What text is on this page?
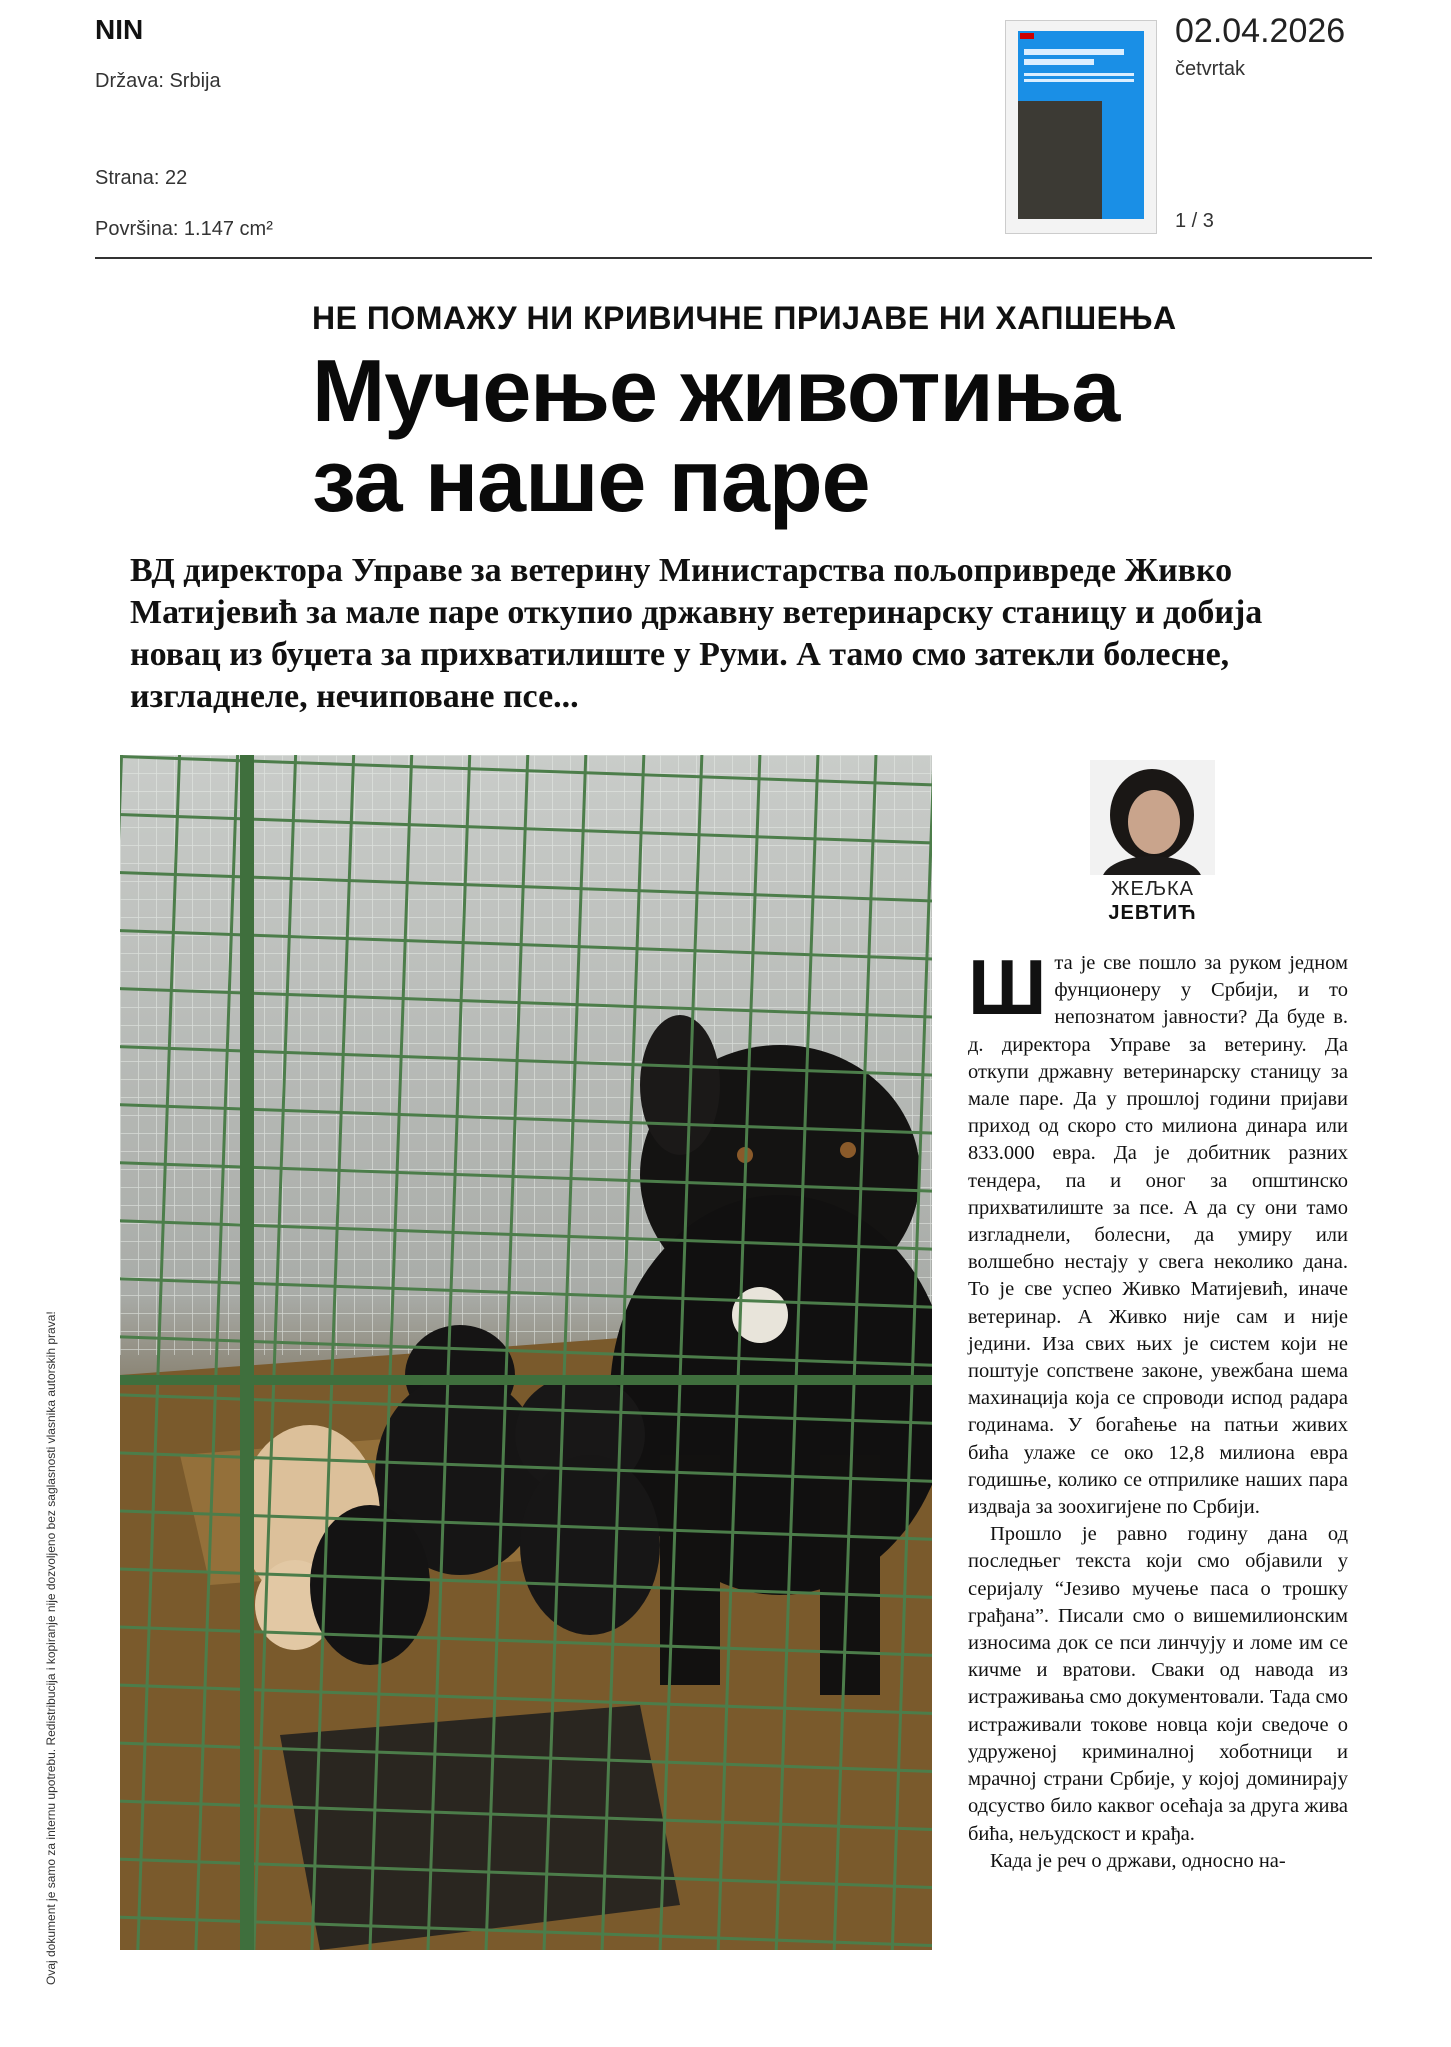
NIN
Država: Srbija
Strana: 22
Površina: 1.147 cm²
02.04.2026
četvrtak
1 / 3
НЕ ПОМАЖУ НИ КРИВИЧНЕ ПРИЈАВЕ НИ ХАПШЕЊА
Мучење животиња
за наше паре
ВД директора Управе за ветерину Министарства пољопривреде Живко Матијевић за мале паре откупио државну ветеринарску станицу и добија новац из буџета за прихватилиште у Руми. А тамо смо затекли болесне, изгладнеле, нечиповане псе...
ЖЕЉКА
ЈЕВТИЋ

Шта је све пошло за руком једном фунционеру у Србији, и то непознатом јавности? Да буде в. д. директора Управе за ветерину. Да откупи државну ветеринарску станицу за мале паре. Да у прошлој години пријави приход од скоро сто милиона динара или 833.000 евра. Да је добитник разних тендера, па и оног за општинско прихватилиште за псе. А да су они тамо изгладнели, болесни, да умиру или волшебно нестају у свега неколико дана. То је све успео Живко Матијевић, иначе ветеринар. А Живко није сам и није једини. Иза свих њих је систем који не поштује сопствене законе, увежбана шема махинација која се спроводи испод радара годинама. У богаћење на патњи живих бића улаже се око 12,8 милиона евра годишње, колико се отприлике наших пара издваја за зоохигијене по Србији.

Прошло је равно годину дана од последњег текста који смо објавили у серијалу “Језиво мучење паса о трошку грађана”. Писали смо о вишемилионским износима док се пси линчују и ломе им се кичме и вратови. Сваки од навода из истраживања смо документовали. Тада смо истраживали токове новца који сведоче о удруженој криминалној хоботници и мрачној страни Србије, у којој доминирају одсуство било каквог осећаја за друга жива бића, нељудскост и крађа.

Када је реч о држави, односно на-

Ovaj dokument je samo za internu upotrebu. Redistribucija i kopiranje nije dozvoljeno bez saglasnosti vlasnika autorskih prava!
